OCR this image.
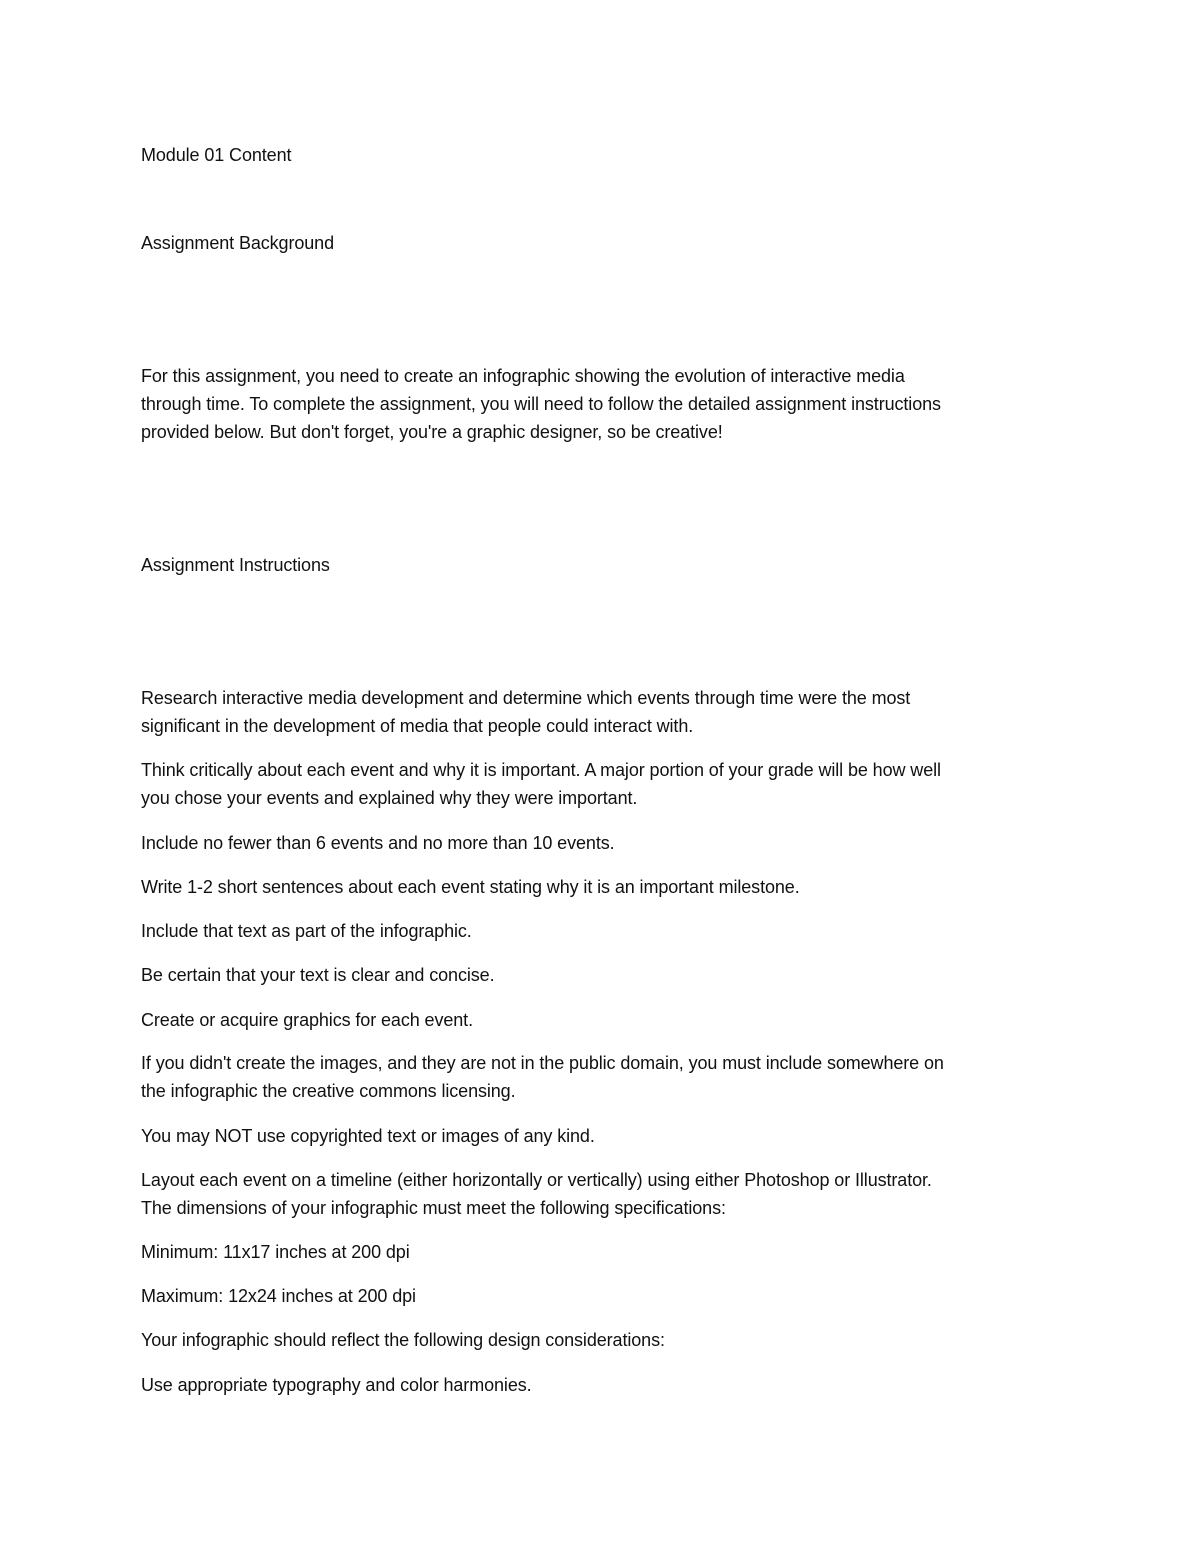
Module 01 Content
Assignment Background
For this assignment, you need to create an infographic showing the evolution of interactive media
through time. To complete the assignment, you will need to follow the detailed assignment instructions
provided below. But don't forget, you're a graphic designer, so be creative!
Assignment Instructions
Research interactive media development and determine which events through time were the most
significant in the development of media that people could interact with.
Think critically about each event and why it is important. A major portion of your grade will be how well
you chose your events and explained why they were important.
Include no fewer than 6 events and no more than 10 events.
Write 1-2 short sentences about each event stating why it is an important milestone.
Include that text as part of the infographic.
Be certain that your text is clear and concise.
Create or acquire graphics for each event.
If you didn't create the images, and they are not in the public domain, you must include somewhere on
the infographic the creative commons licensing.
You may NOT use copyrighted text or images of any kind.
Layout each event on a timeline (either horizontally or vertically) using either Photoshop or Illustrator.
The dimensions of your infographic must meet the following specifications:
Minimum: 11x17 inches at 200 dpi
Maximum: 12x24 inches at 200 dpi
Your infographic should reflect the following design considerations:
Use appropriate typography and color harmonies.
